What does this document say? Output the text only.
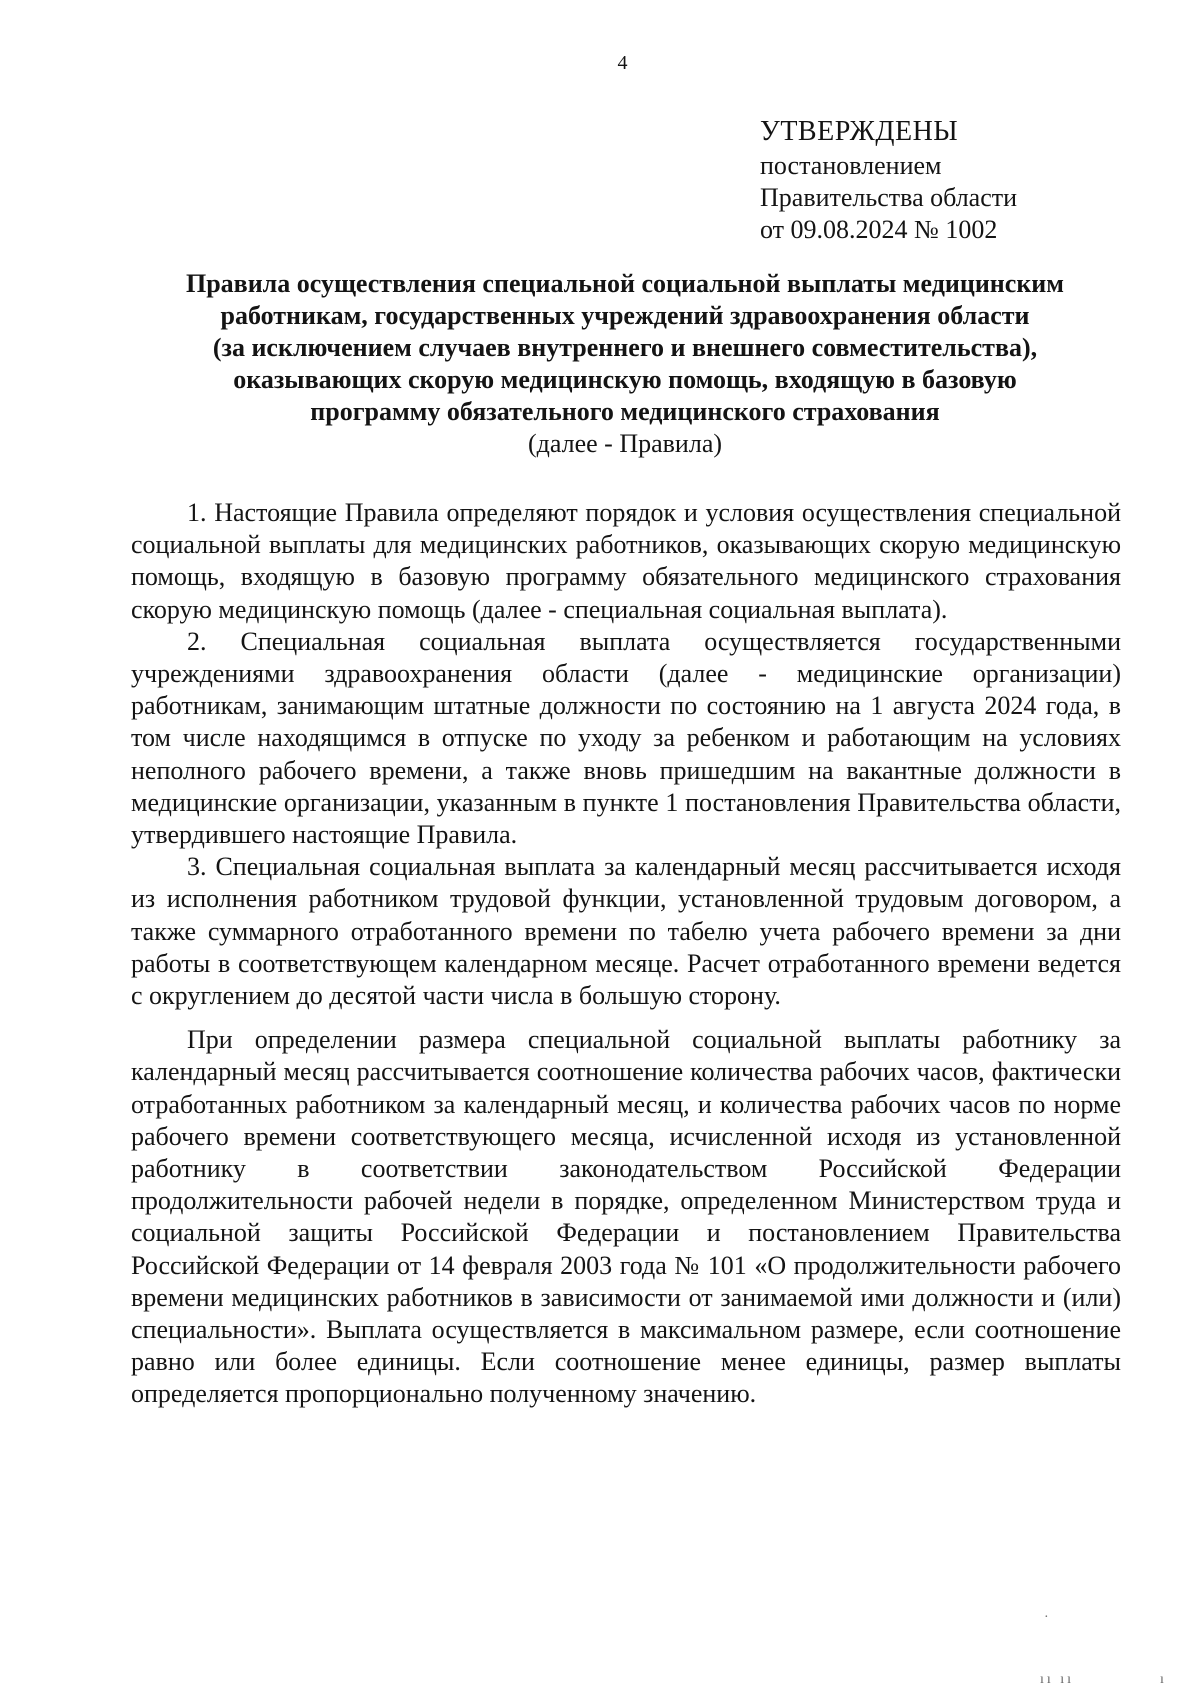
4
УТВЕРЖДЕНЫ
постановлением
Правительства области
от 09.08.2024 № 1002
Правила осуществления специальной социальной выплаты медицинским
работникам, государственных учреждений здравоохранения области
(за исключением случаев внутреннего и внешнего совместительства),
оказывающих скорую медицинскую помощь, входящую в базовую
программу обязательного медицинского страхования
(далее - Правила)

1. Настоящие Правила определяют порядок и условия осуществления специальной социальной выплаты для медицинских работников, оказывающих скорую медицинскую помощь, входящую в базовую программу обязательного медицинского страхования скорую медицинскую помощь (далее - специальная социальная выплата).

2. Специальная социальная выплата осуществляется государственными учреждениями здравоохранения области (далее - медицинские организации) работникам, занимающим штатные должности по состоянию на 1 августа 2024 года, в том числе находящимся в отпуске по уходу за ребенком и работающим на условиях неполного рабочего времени, а также вновь пришедшим на вакантные должности в медицинские организации, указанным в пункте 1 постановления Правительства области, утвердившего настоящие Правила.

3. Специальная социальная выплата за календарный месяц рассчитывается исходя из исполнения работником трудовой функции, установленной трудовым договором, а также суммарного отработанного времени по табелю учета рабочего времени за дни работы в соответствующем календарном месяце. Расчет отработанного времени ведется с округлением до десятой части числа в большую сторону.

При определении размера специальной социальной выплаты работнику за календарный месяц рассчитывается соотношение количества рабочих часов, фактически отработанных работником за календарный месяц, и количества рабочих часов по норме рабочего времени соответствующего месяца, исчисленной исходя из установленной работнику в соответствии законодательством Российской Федерации продолжительности рабочей недели в порядке, определенном Министерством труда и социальной защиты Российской Федерации и постановлением Правительства Российской Федерации от 14 февраля 2003 года № 101 «О продолжительности рабочего времени медицинских работников в зависимости от занимаемой ими должности и (или) специальности». Выплата осуществляется в максимальном размере, если соотношение равно или более единицы. Если соотношение менее единицы, размер выплаты определяется пропорционально полученному значению.

·
ıı ıı	ı
